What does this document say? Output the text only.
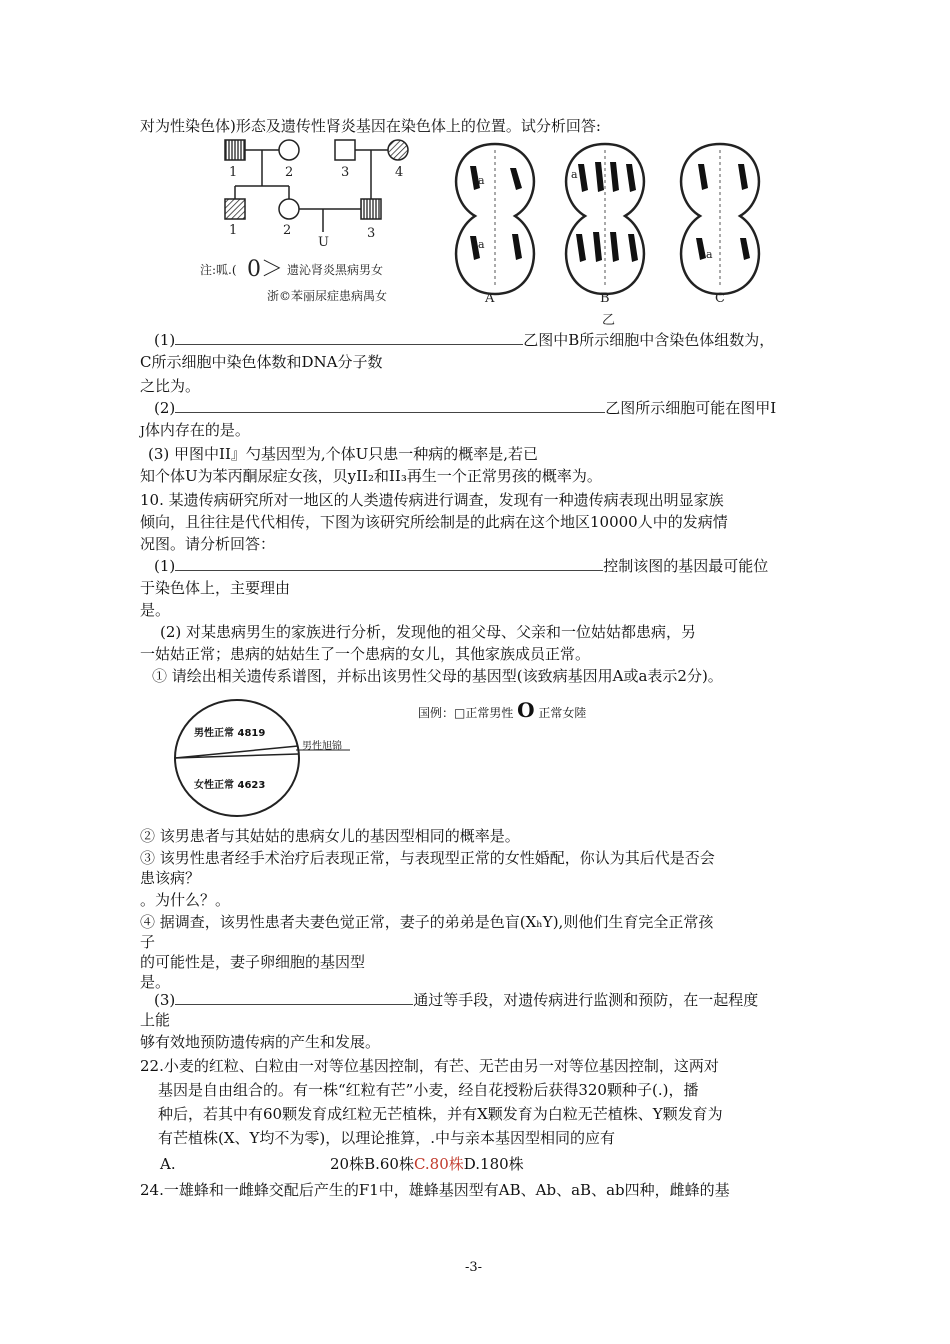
对为性染色体)形态及遗传性肾炎基因在染色体上的位置。试分析回答:
1	2	3	4
1	2
U
3
注:呱.( 0＞ 遗沁肾炎黑病男女
浙©苯丽尿症患病禺女
a
a
a
a
A	B	C
乙
(1)	乙图中B所示细胞中含染色体组数为，
C所示细胞中染色体数和DNA分子数
之比为。
(2)	乙图所示细胞可能在图甲Ⅰ
J体内存在的是。
(3) 甲图中II』勺基因型为,个体U只患一种病的概率是,若已
知个体U为苯丙酮尿症女孩，贝yII₂和II₃再生一个正常男孩的概率为。
10. 某遗传病研究所对一地区的人类遗传病进行调查，发现有一种遗传病表现出明显家族
倾向，且往往是代代相传，下图为该研究所绘制是的此病在这个地区10000人中的发病情
况图。请分析回答：
(1)	控制该图的基因最可能位
于染色体上，主要理由
是。
(2) 对某患病男生的家族进行分析，发现他的祖父母、父亲和一位姑姑都患病，另
一姑姑正常；患病的姑姑生了一个患病的女儿，其他家族成员正常。
① 请绘出相关遗传系谱图，并标出该男性父母的基因型(该致病基因用A或a表示2分)。
国例：□正常男性 O 正常女陸
男性正常 4819
女性正常 4623
男性旭锦
② 该男患者与其姑姑的患病女儿的基因型相同的概率是。
③ 该男性患者经手术治疗后表现正常，与表现型正常的女性婚配，你认为其后代是否会
患该病？
。为什么？。
④ 据调查，该男性患者夫妻色觉正常，妻子的弟弟是色盲(XₕY),则他们生育完全正常孩
子
的可能性是，妻子卵细胞的基因型
是。
(3)	通过等手段，对遗传病进行监测和预防，在一起程度
上能
够有效地预防遗传病的产生和发展。
22.小麦的红粒、白粒由一对等位基因控制，有芒、无芒由另一对等位基因控制，这两对
基因是自由组合的。有一株“红粒有芒”小麦，经自花授粉后获得320颗种子(.)，播
种后，若其中有60颗发育成红粒无芒植株，并有X颗发育为白粒无芒植株、Y颗发育为
有芒植株(X、Y均不为零)，以理论推算，.中与亲本基因型相同的应有
A.	20株B.60株C.80株D.180株
24.一雄蜂和一雌蜂交配后产生的F1中，雄蜂基因型有AB、Ab、aB、ab四种，雌蜂的基
-3-
